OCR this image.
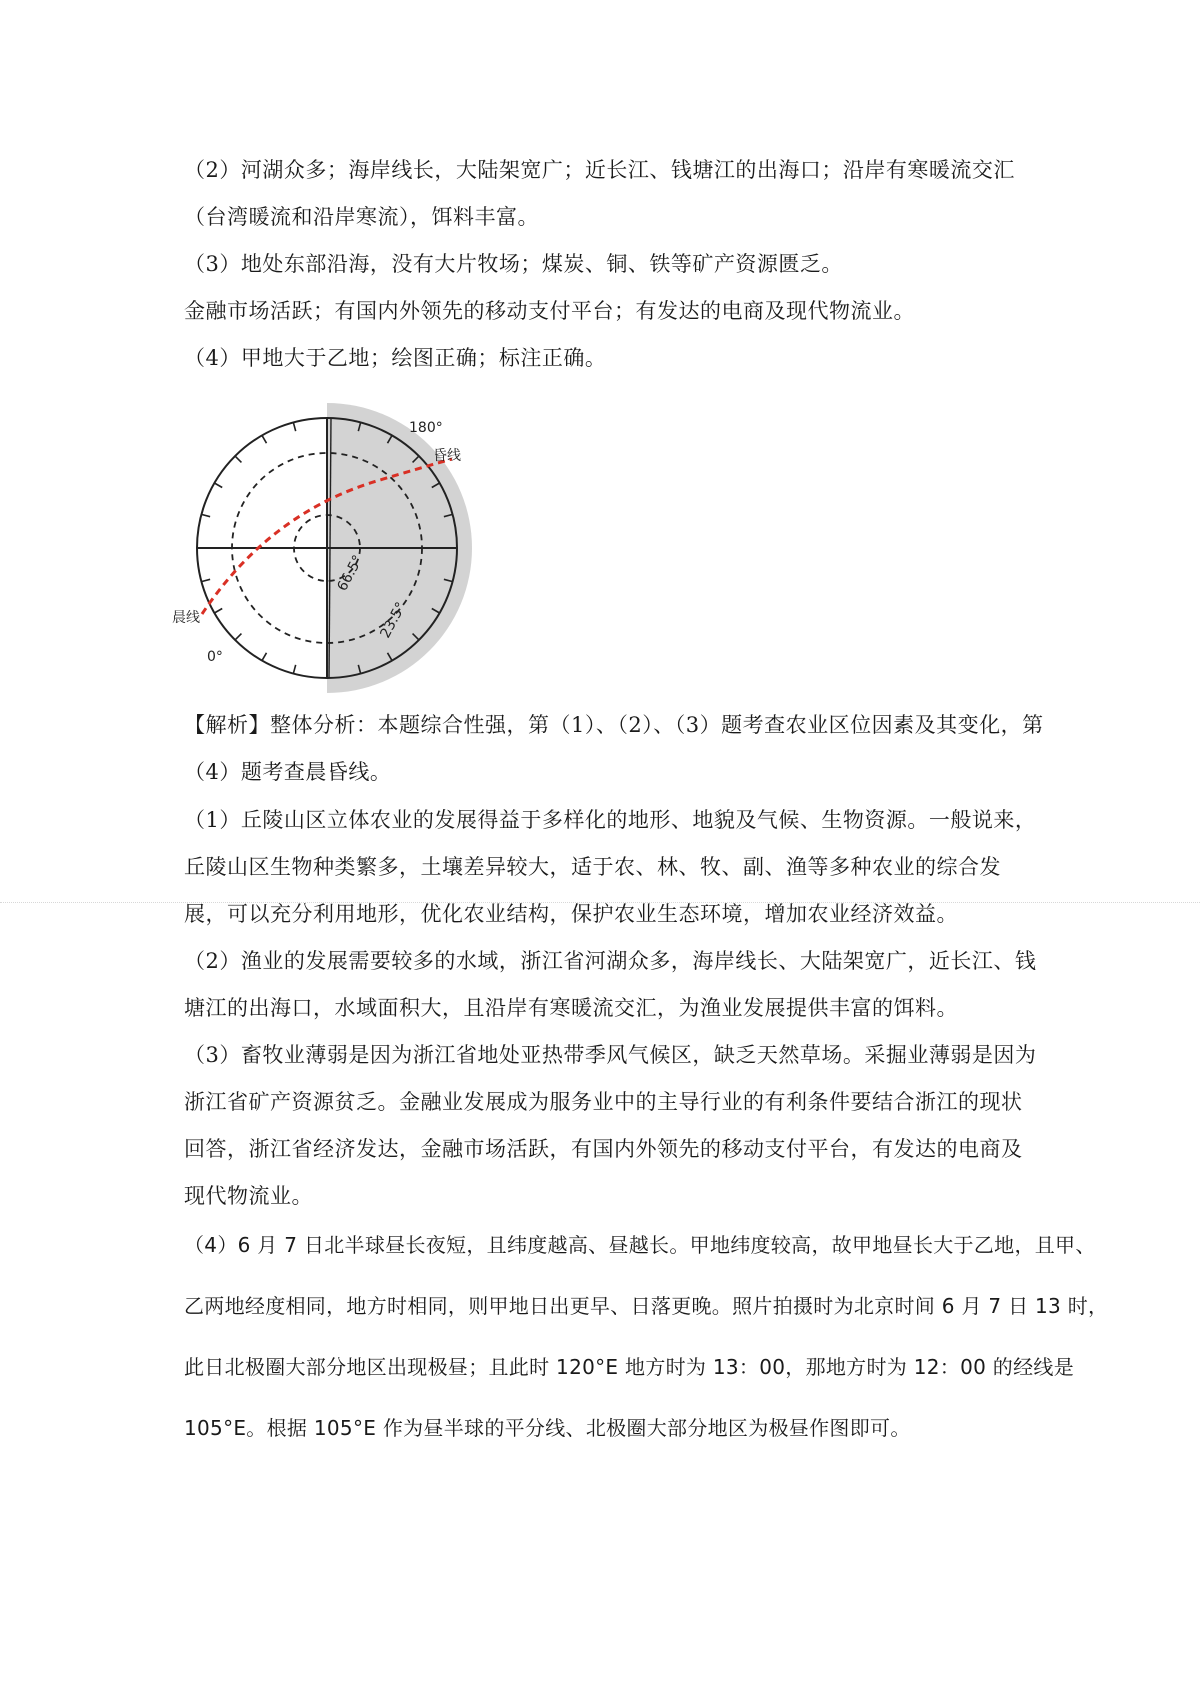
（2）河湖众多；海岸线长，大陆架宽广；近长江、钱塘江的出海口；沿岸有寒暖流交汇
（台湾暖流和沿岸寒流），饵料丰富。
（3）地处东部沿海，没有大片牧场；煤炭、铜、铁等矿产资源匮乏。
金融市场活跃；有国内外领先的移动支付平台；有发达的电商及现代物流业。
（4）甲地大于乙地；绘图正确；标注正确。
180°
昏线
晨线
0°
66.5°
23.5°
【解析】整体分析：本题综合性强，第（1）、（2）、（3）题考查农业区位因素及其变化，第
（4）题考查晨昏线。
（1）丘陵山区立体农业的发展得益于多样化的地形、地貌及气候、生物资源。一般说来，
丘陵山区生物种类繁多，土壤差异较大，适于农、林、牧、副、渔等多种农业的综合发
展，可以充分利用地形，优化农业结构，保护农业生态环境，增加农业经济效益。
（2）渔业的发展需要较多的水域，浙江省河湖众多，海岸线长、大陆架宽广，近长江、钱
塘江的出海口，水域面积大，且沿岸有寒暖流交汇，为渔业发展提供丰富的饵料。
（3）畜牧业薄弱是因为浙江省地处亚热带季风气候区，缺乏天然草场。采掘业薄弱是因为
浙江省矿产资源贫乏。金融业发展成为服务业中的主导行业的有利条件要结合浙江的现状
回答，浙江省经济发达，金融市场活跃，有国内外领先的移动支付平台，有发达的电商及
现代物流业。
（4）6 月 7 日北半球昼长夜短，且纬度越高、昼越长。甲地纬度较高，故甲地昼长大于乙地，且甲、
乙两地经度相同，地方时相同，则甲地日出更早、日落更晚。照片拍摄时为北京时间 6 月 7 日 13 时，
此日北极圈大部分地区出现极昼；且此时 120°E 地方时为 13：00，那地方时为 12：00 的经线是
105°E。根据 105°E 作为昼半球的平分线、北极圈大部分地区为极昼作图即可。
